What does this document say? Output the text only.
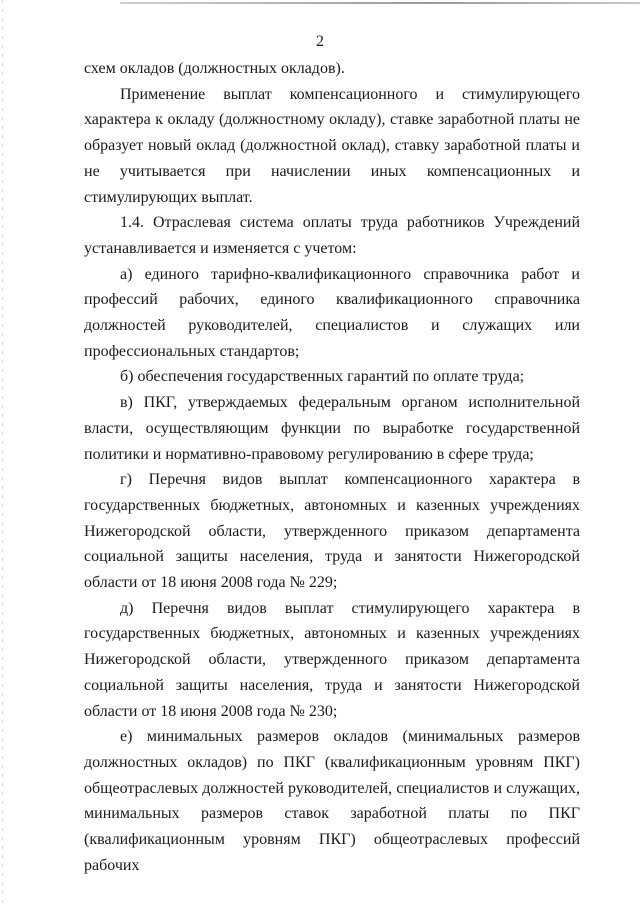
2

схем окладов (должностных окладов).

Применение выплат компенсационного и стимулирующего характера к окладу (должностному окладу), ставке заработной платы не образует новый оклад (должностной оклад), ставку заработной платы и не учитывается при начислении иных компенсационных и стимулирующих выплат.

1.4. Отраслевая система оплаты труда работников Учреждений устанавливается и изменяется с учетом:

а) единого тарифно-квалификационного справочника работ и профессий рабочих, единого квалификационного справочника должностей руководителей, специалистов и служащих или профессиональных стандартов;

б) обеспечения государственных гарантий по оплате труда;

в) ПКГ, утверждаемых федеральным органом исполнительной власти, осуществляющим функции по выработке государственной политики и нормативно-правовому регулированию в сфере труда;

г) Перечня видов выплат компенсационного характера в государственных бюджетных, автономных и казенных учреждениях Нижегородской области, утвержденного приказом департамента социальной защиты населения, труда и занятости Нижегородской области от 18 июня 2008 года № 229;

д) Перечня видов выплат стимулирующего характера в государственных бюджетных, автономных и казенных учреждениях Нижегородской области, утвержденного приказом департамента социальной защиты населения, труда и занятости Нижегородской области от 18 июня 2008 года № 230;

е) минимальных размеров окладов (минимальных размеров должностных окладов) по ПКГ (квалификационным уровням ПКГ) общеотраслевых должностей руководителей, специалистов и служащих, минимальных размеров ставок заработной платы по ПКГ (квалификационным уровням ПКГ) общеотраслевых профессий рабочих
